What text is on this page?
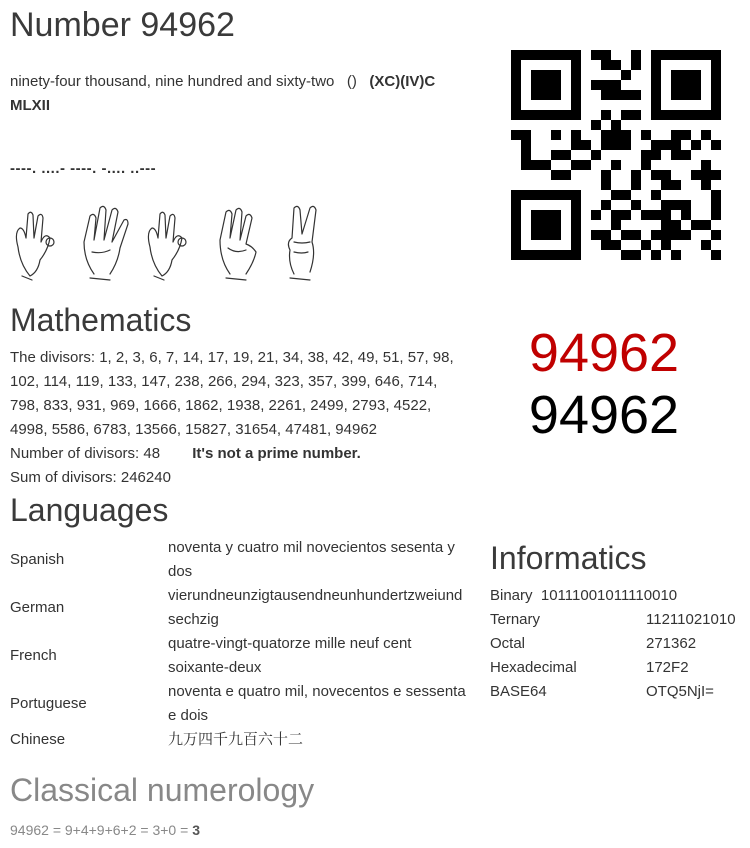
Number 94962
ninety-four thousand, nine hundred and sixty-two () (XC)(IV)C MLXII
----. ....- ----. -.... ..---
Mathematics
The divisors: 1, 2, 3, 6, 7, 14, 17, 19, 21, 34, 38, 42, 49, 51, 57, 98, 102, 114, 119, 133, 147, 238, 266, 294, 323, 357, 399, 646, 714, 798, 833, 931, 969, 1666, 1862, 1938, 2261, 2499, 2793, 4522, 4998, 5586, 6783, 13566, 15827, 31654, 47481, 94962
Number of divisors: 48 It's not a prime number.
Sum of divisors: 246240
94962
94962
Languages
Spanish	noventa y cuatro mil novecientos sesenta y dos
German	vierundneunzigtausendneunhundertzweiundsechzig
French	quatre-vingt-quatorze mille neuf cent soixante-deux
Portuguese	noventa e quatro mil, novecentos e sessenta e dois
Chinese	九万四千九百六十二
Informatics
Binary 10111001011110010	
Ternary	11211021010
Octal	271362
Hexadecimal	172F2
BASE64	OTQ5NjI=
Classical numerology
94962 = 9+4+9+6+2 = 3+0 = 3
